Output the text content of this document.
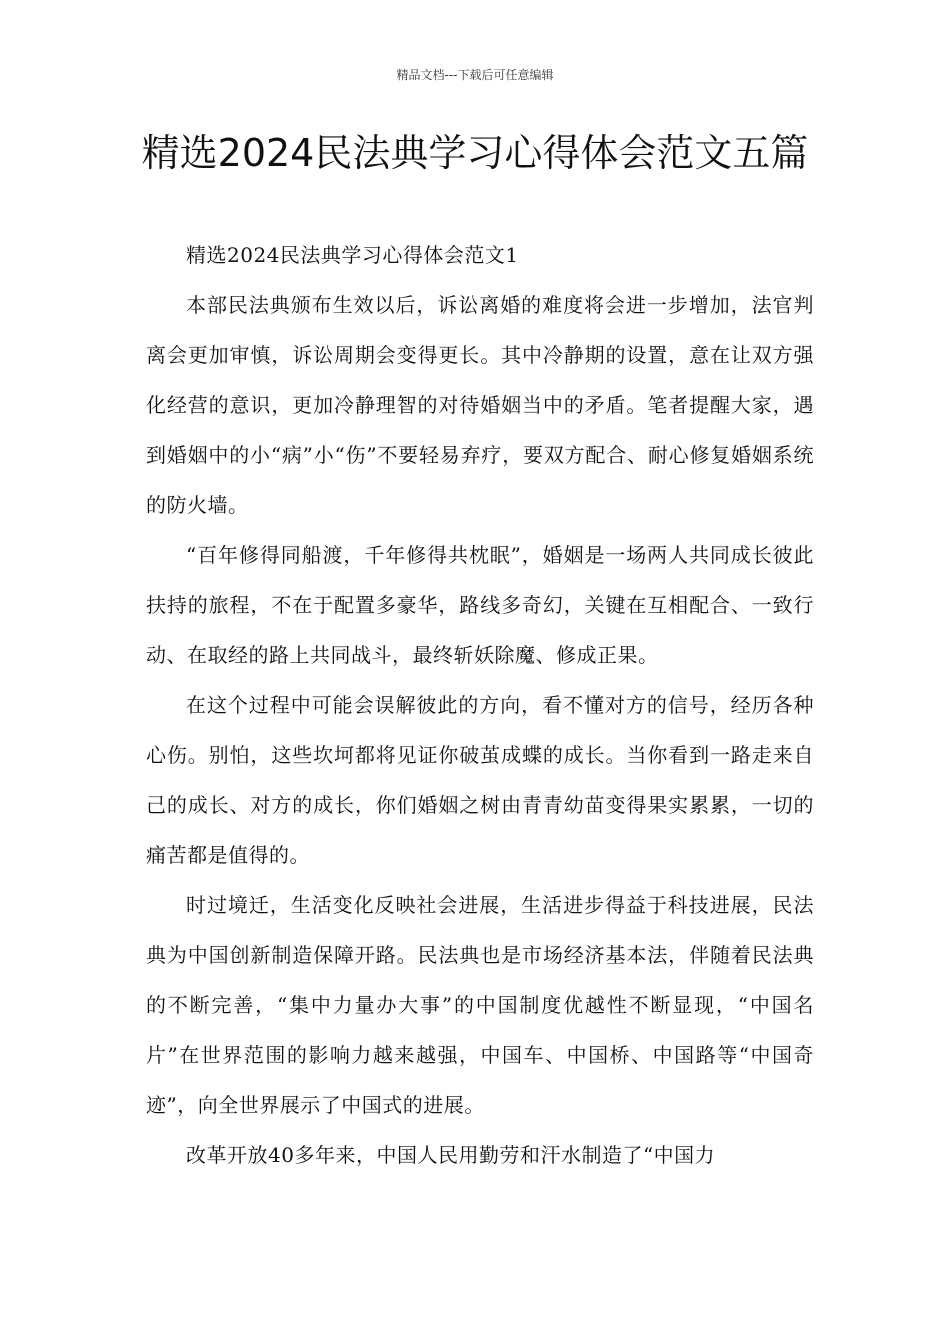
精品文档---下载后可任意编辑
精选2024民法典学习心得体会范文五篇

精选2024民法典学习心得体会范文1

本部民法典颁布生效以后，诉讼离婚的难度将会进一步增加，法官判离会更加审慎，诉讼周期会变得更长。其中冷静期的设置，意在让双方强化经营的意识，更加冷静理智的对待婚姻当中的矛盾。笔者提醒大家，遇到婚姻中的小“病”小“伤”不要轻易弃疗，要双方配合、耐心修复婚姻系统的防火墙。

“百年修得同船渡，千年修得共枕眠”，婚姻是一场两人共同成长彼此扶持的旅程，不在于配置多豪华，路线多奇幻，关键在互相配合、一致行动、在取经的路上共同战斗，最终斩妖除魔、修成正果。

在这个过程中可能会误解彼此的方向，看不懂对方的信号，经历各种心伤。别怕，这些坎坷都将见证你破茧成蝶的成长。当你看到一路走来自己的成长、对方的成长，你们婚姻之树由青青幼苗变得果实累累，一切的痛苦都是值得的。

时过境迁，生活变化反映社会进展，生活进步得益于科技进展，民法典为中国创新制造保障开路。民法典也是市场经济基本法，伴随着民法典的不断完善，“集中力量办大事”的中国制度优越性不断显现，“中国名片”在世界范围的影响力越来越强，中国车、中国桥、中国路等“中国奇迹”，向全世界展示了中国式的进展。

改革开放40多年来，中国人民用勤劳和汗水制造了“中国力
